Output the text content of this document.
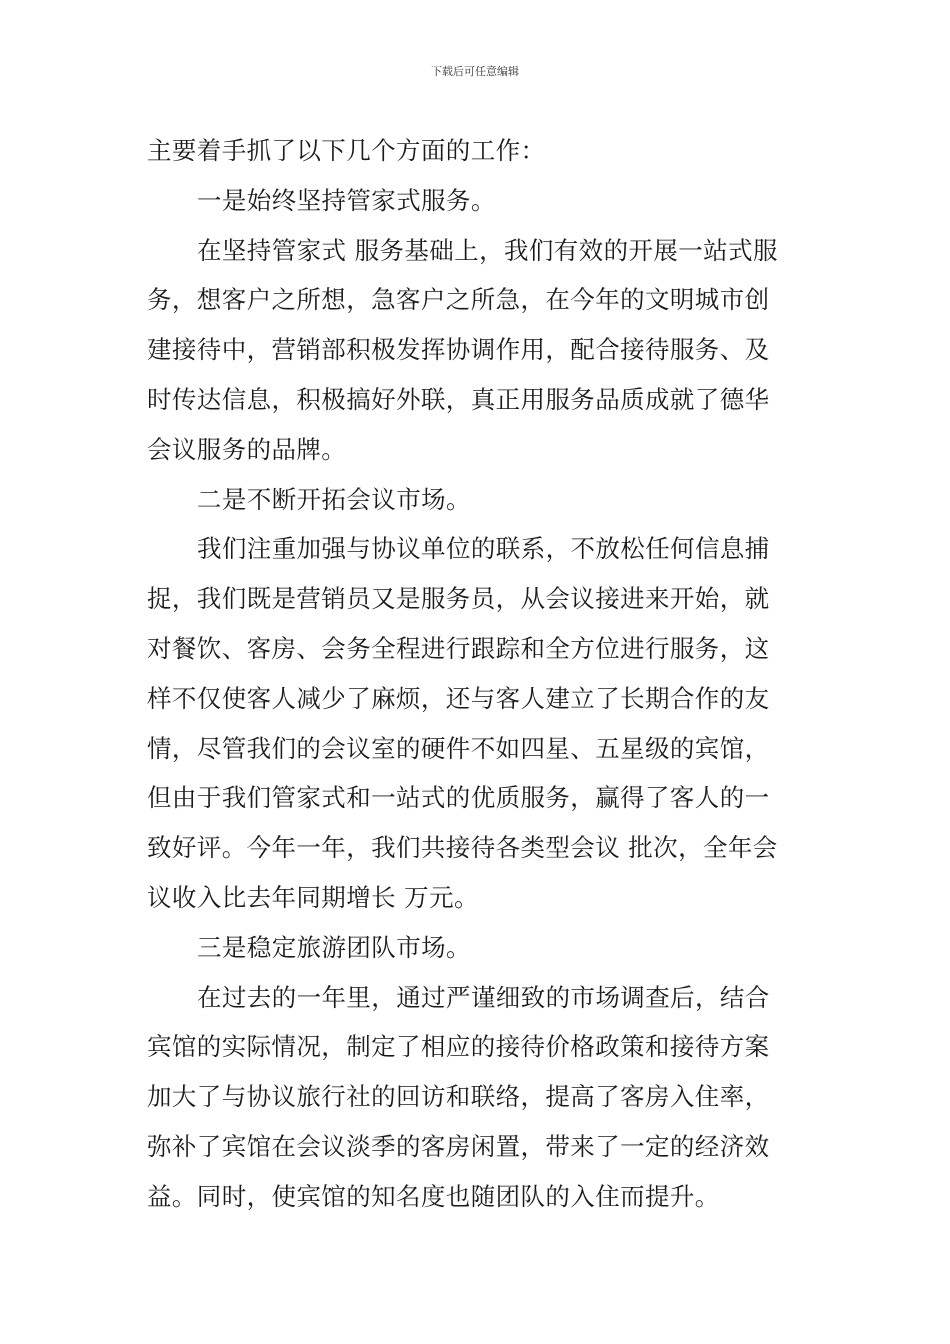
下载后可任意编辑
主要着手抓了以下几个方面的工作：
一是始终坚持管家式服务。
在坚持管家式 服务基础上，我们有效的开展一站式服
务，想客户之所想，急客户之所急，在今年的文明城市创
建接待中，营销部积极发挥协调作用，配合接待服务、及
时传达信息，积极搞好外联，真正用服务品质成就了德华
会议服务的品牌。
二是不断开拓会议市场。
我们注重加强与协议单位的联系，不放松任何信息捕
捉，我们既是营销员又是服务员，从会议接进来开始，就
对餐饮、客房、会务全程进行跟踪和全方位进行服务，这
样不仅使客人减少了麻烦，还与客人建立了长期合作的友
情，尽管我们的会议室的硬件不如四星、五星级的宾馆，
但由于我们管家式和一站式的优质服务，赢得了客人的一
致好评。今年一年，我们共接待各类型会议 批次，全年会
议收入比去年同期增长 万元。
三是稳定旅游团队市场。
在过去的一年里，通过严谨细致的市场调查后，结合
宾馆的实际情况，制定了相应的接待价格政策和接待方案
加大了与协议旅行社的回访和联络，提高了客房入住率，
弥补了宾馆在会议淡季的客房闲置，带来了一定的经济效
益。同时，使宾馆的知名度也随团队的入住而提升。
